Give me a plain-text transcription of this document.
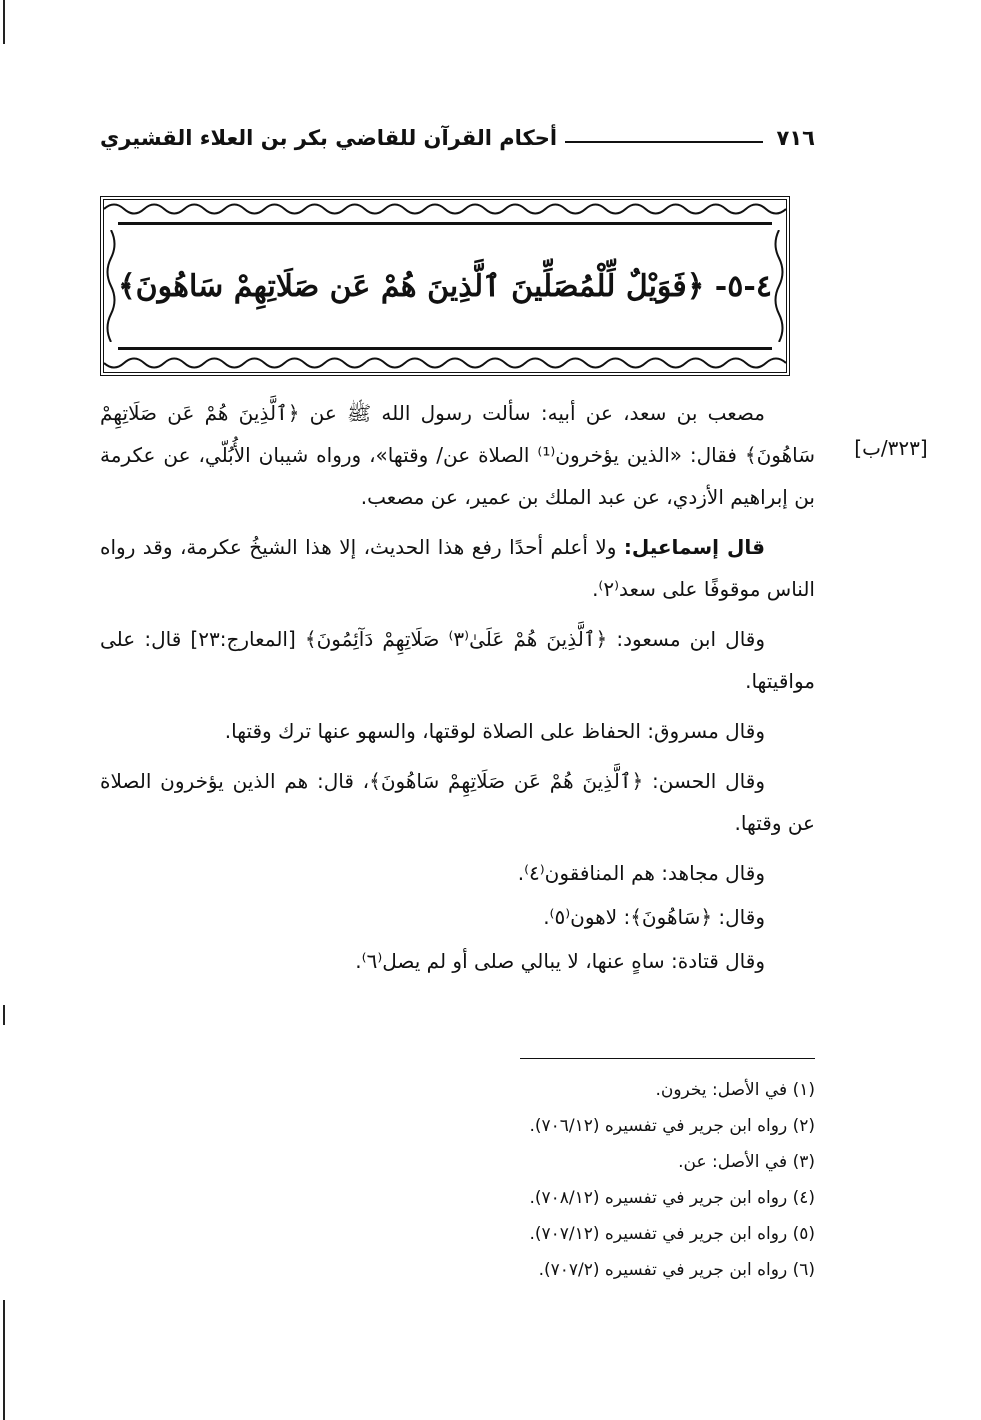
٧١٦
أحكام القرآن للقاضي بكر بن العلاء القشيري
٤-٥- ﴿فَوَيْلٌ لِّلْمُصَلِّينَ ٱلَّذِينَ هُمْ عَن صَلَاتِهِمْ سَاهُونَ﴾
[٣٢٣/ب]

مصعب بن سعد، عن أبيه: سألت رسول الله ﷺ عن ﴿ٱلَّذِينَ هُمْ عَن صَلَاتِهِمْ سَاهُونَ﴾ فقال: «الذين يؤخرون⁽¹⁾ الصلاة عن/ وقتها»، ورواه شيبان الأُبُلّي، عن عكرمة بن إبراهيم الأزدي، عن عبد الملك بن عمير، عن مصعب.

قال إسماعيل: ولا أعلم أحدًا رفع هذا الحديث، إلا هذا الشيخُ عكرمة، وقد رواه الناس موقوفًا على سعد⁽٢⁾.

وقال ابن مسعود: ﴿ٱلَّذِينَ هُمْ عَلَىٰ⁽٣⁾ صَلَاتِهِمْ دَآئِمُونَ﴾ [المعارج:٢٣] قال: على مواقيتها.

وقال مسروق: الحفاظ على الصلاة لوقتها، والسهو عنها ترك وقتها.

وقال الحسن: ﴿ٱلَّذِينَ هُمْ عَن صَلَاتِهِمْ سَاهُونَ﴾، قال: هم الذين يؤخرون الصلاة عن وقتها.

وقال مجاهد: هم المنافقون⁽٤⁾.

وقال: ﴿سَاهُونَ﴾: لاهون⁽٥⁾.

وقال قتادة: ساهٍ عنها، لا يبالي صلى أو لم يصل⁽٦⁾.

(١) في الأصل: يخرون.
(٢) رواه ابن جرير في تفسيره (٧٠٦/١٢).
(٣) في الأصل: عن.
(٤) رواه ابن جرير في تفسيره (٧٠٨/١٢).
(٥) رواه ابن جرير في تفسيره (٧٠٧/١٢).
(٦) رواه ابن جرير في تفسيره (٧٠٧/٢).
